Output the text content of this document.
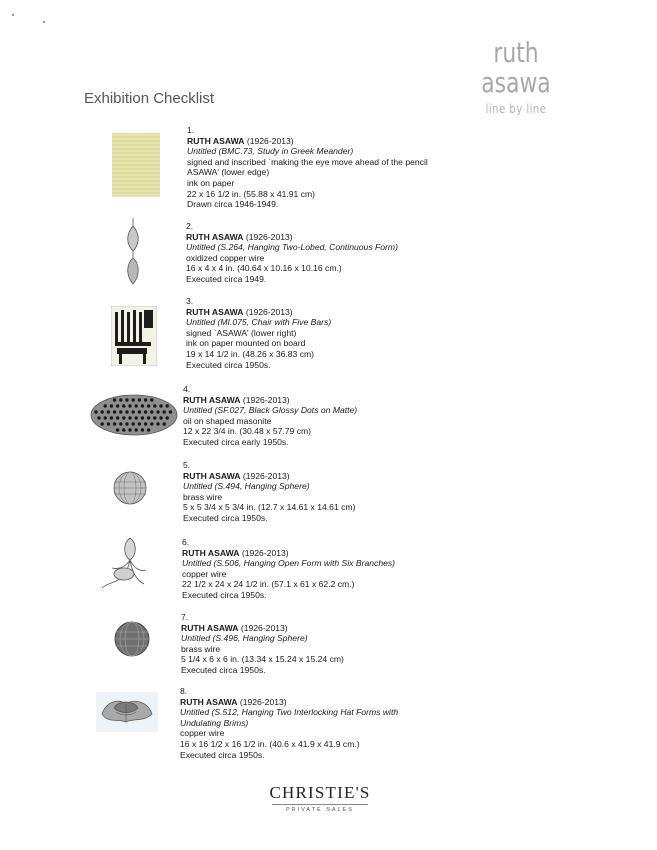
ruth asawa
line by line
Exhibition Checklist
1.
RUTH ASAWA (1926-2013)
Untitled (BMC.73, Study in Greek Meander)
signed and inscribed `making the eye move ahead of the pencil
ASAWA' (lower edge)
ink on paper
22 x 16 1/2 in. (55.88 x 41.91 cm)
Drawn circa 1946-1949.
2.
RUTH ASAWA (1926-2013)
Untitled (S.264, Hanging Two-Lobed, Continuous Form)
oxidized copper wire
16 x 4 x 4 in. (40.64 x 10.16 x 10.16 cm.)
Executed circa 1949.
3.
RUTH ASAWA (1926-2013)
Untitled (MI.075, Chair with Five Bars)
signed `ASAWA' (lower right)
ink on paper mounted on board
19 x 14 1/2 in. (48.26 x 36.83 cm)
Executed circa 1950s.
4.
RUTH ASAWA (1926-2013)
Untitled (SF.027, Black Glossy Dots on Matte)
oil on shaped masonite
12 x 22 3/4 in. (30.48 x 57.79 cm)
Executed circa early 1950s.
5.
RUTH ASAWA (1926-2013)
Untitled (S.494, Hanging Sphere)
brass wire
5 x 5 3/4 x 5 3/4 in. (12.7 x 14.61 x 14.61 cm)
Executed circa 1950s.
6.
RUTH ASAWA (1926-2013)
Untitled (S.506, Hanging Open Form with Six Branches)
copper wire
22 1/2 x 24 x 24 1/2 in. (57.1 x 61 x 62.2 cm.)
Executed circa 1950s.
7.
RUTH ASAWA (1926-2013)
Untitled (S.496, Hanging Sphere)
brass wire
5 1/4 x 6 x 6 in. (13.34 x 15.24 x 15.24 cm)
Executed circa 1950s.
8.
RUTH ASAWA (1926-2013)
Untitled (S.512, Hanging Two Interlocking Hat Forms with
Undulating Brims)
copper wire
16 x 16 1/2 x 16 1/2 in. (40.6 x 41.9 x 41.9 cm.)
Executed circa 1950s.
CHRISTIE'S
PRIVATE SALES
